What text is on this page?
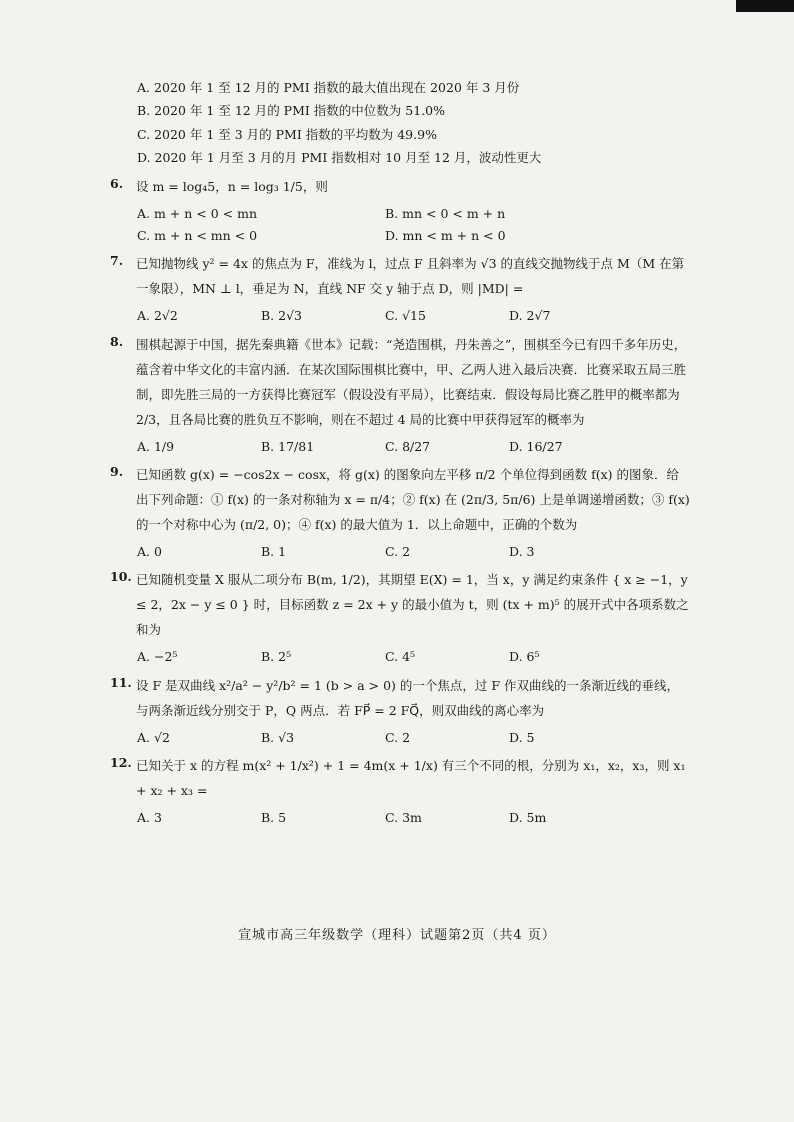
A. 2020 年 1 至 12 月的 PMI 指数的最大值出现在 2020 年 3 月份
B. 2020 年 1 至 12 月的 PMI 指数的中位数为 51.0%
C. 2020 年 1 至 3 月的 PMI 指数的平均数为 49.9%
D. 2020 年 1 月至 3 月的月 PMI 指数相对 10 月至 12 月，波动性更大
6.	设 m = log₄5，n = log₃ 1/5，则
A. m + n < 0 < mn	B. mn < 0 < m + n
C. m + n < mn < 0	D. mn < m + n < 0
7.	已知抛物线 y² = 4x 的焦点为 F，准线为 l，过点 F 且斜率为 √3 的直线交抛物线于点 M（M 在第一象限），MN ⊥ l，垂足为 N，直线 NF 交 y 轴于点 D，则 |MD| =
A. 2√2	B. 2√3	C. √15	D. 2√7
8.	围棋起源于中国，据先秦典籍《世本》记载：“尧造围棋，丹朱善之”，围棋至今已有四千多年历史，蕴含着中华文化的丰富内涵．在某次国际围棋比赛中，甲、乙两人进入最后决赛．比赛采取五局三胜制，即先胜三局的一方获得比赛冠军（假设没有平局），比赛结束．假设每局比赛乙胜甲的概率都为 2/3，且各局比赛的胜负互不影响，则在不超过 4 局的比赛中甲获得冠军的概率为
A. 1/9	B. 17/81	C. 8/27	D. 16/27
9.	已知函数 g(x) = −cos2x − cosx，将 g(x) 的图象向左平移 π/2 个单位得到函数 f(x) 的图象．给出下列命题：① f(x) 的一条对称轴为 x = π/4；② f(x) 在 (2π/3, 5π/6) 上是单调递增函数；③ f(x) 的一个对称中心为 (π/2, 0)；④ f(x) 的最大值为 1．以上命题中，正确的个数为
A. 0	B. 1	C. 2	D. 3
10. 已知随机变量 X 服从二项分布 B(m, 1/2)，其期望 E(X) = 1，当 x，y 满足约束条件 { x ≥ −1，y ≤ 2，2x − y ≤ 0 } 时，目标函数 z = 2x + y 的最小值为 t，则 (tx + m)⁵ 的展开式中各项系数之和为
A. −2⁵	B. 2⁵	C. 4⁵	D. 6⁵
11. 设 F 是双曲线 x²/a² − y²/b² = 1 (b > a > 0) 的一个焦点，过 F 作双曲线的一条渐近线的垂线，与两条渐近线分别交于 P，Q 两点．若 FP⃗ = 2 FQ⃗，则双曲线的离心率为
A. √2	B. √3	C. 2	D. 5
12. 已知关于 x 的方程 m(x² + 1/x²) + 1 = 4m(x + 1/x) 有三个不同的根，分别为 x₁，x₂，x₃，则 x₁ + x₂ + x₃ =
A. 3	B. 5	C. 3m	D. 5m
宣城市高三年级数学（理科）试题第2页（共4 页）
